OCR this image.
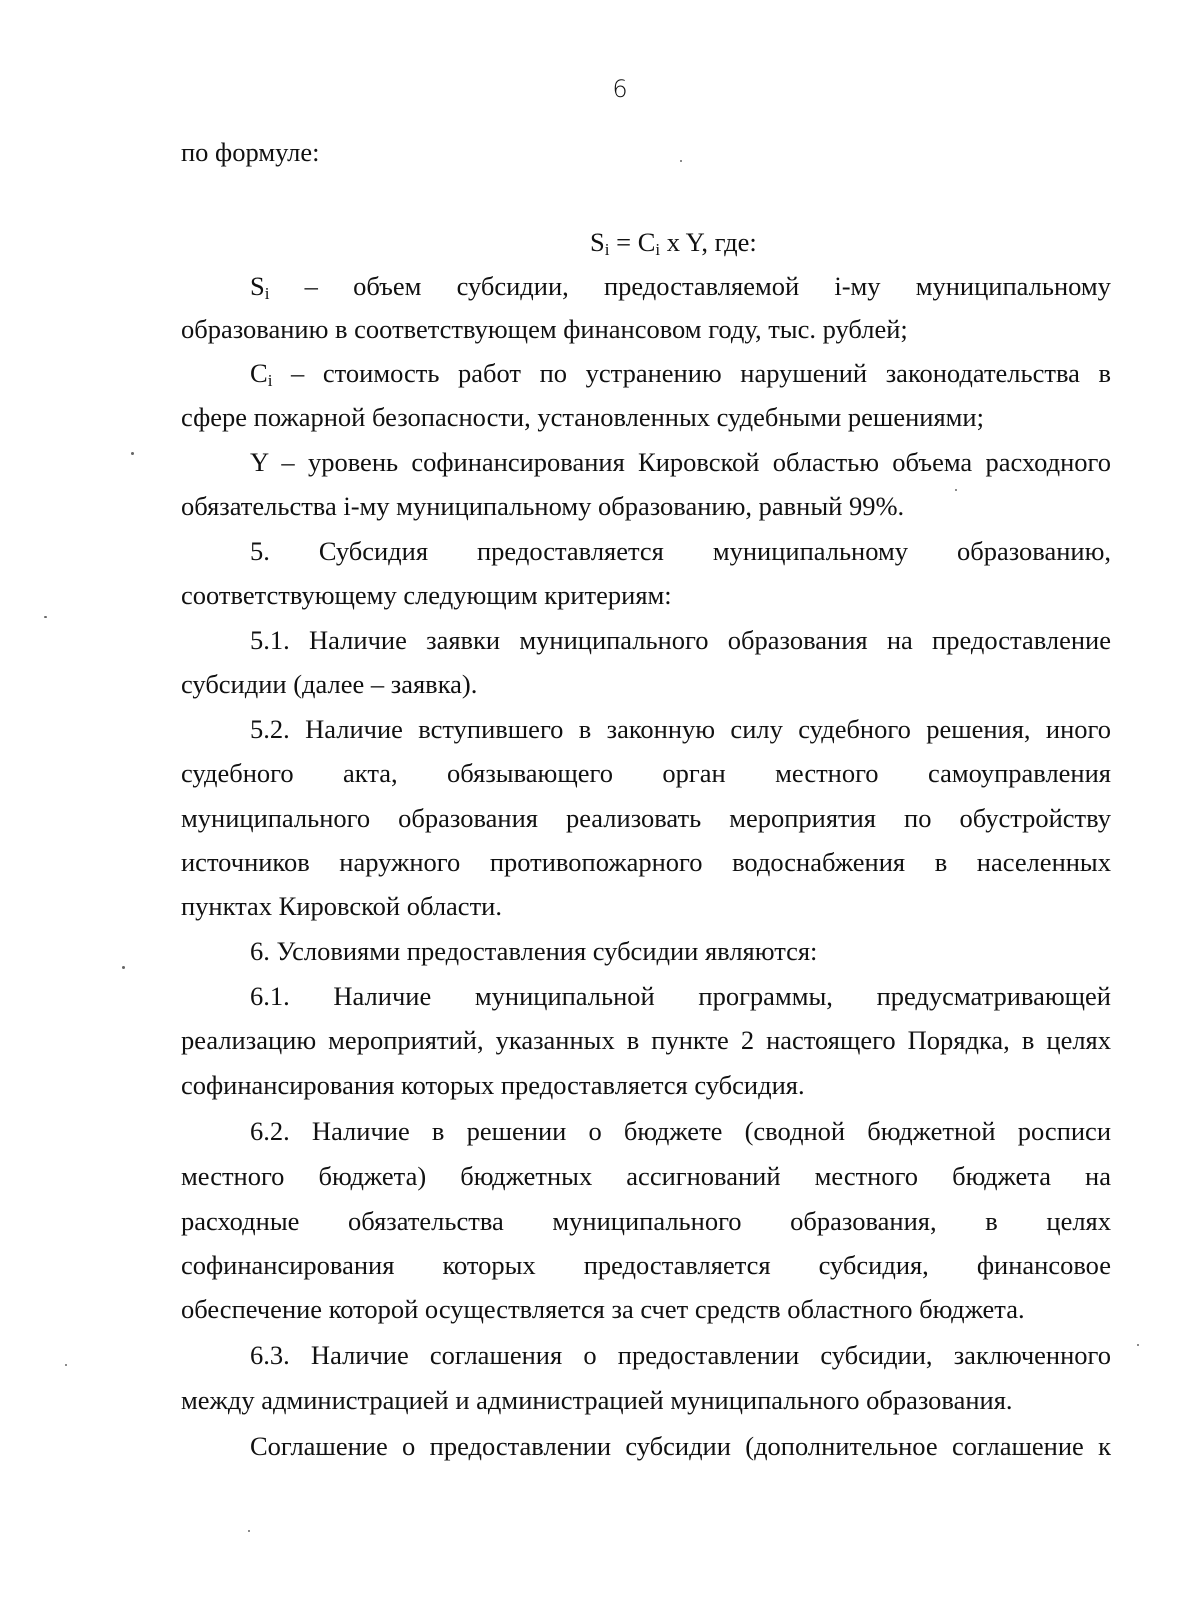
6
по формуле:
$S_i = C_i$ x Y, где:
$S_i$ – объем субсидии, предоставляемой i-му муниципальному
образованию в соответствующем финансовом году, тыс. рублей;
$C_i$ – стоимость работ по устранению нарушений законодательства в
сфере пожарной безопасности, установленных судебными решениями;
Y – уровень софинансирования Кировской областью объема расходного
обязательства i-му муниципальному образованию, равный 99%.
5. Субсидия предоставляется муниципальному образованию,
соответствующему следующим критериям:
5.1. Наличие заявки муниципального образования на предоставление
субсидии (далее – заявка).
5.2. Наличие вступившего в законную силу судебного решения, иного
судебного акта, обязывающего орган местного самоуправления
муниципального образования реализовать мероприятия по обустройству
источников наружного противопожарного водоснабжения в населенных
пунктах Кировской области.
6. Условиями предоставления субсидии являются:
6.1. Наличие муниципальной программы, предусматривающей
реализацию мероприятий, указанных в пункте 2 настоящего Порядка, в целях
софинансирования которых предоставляется субсидия.
6.2. Наличие в решении о бюджете (сводной бюджетной росписи
местного бюджета) бюджетных ассигнований местного бюджета на
расходные обязательства муниципального образования, в целях
софинансирования которых предоставляется субсидия, финансовое
обеспечение которой осуществляется за счет средств областного бюджета.
6.3. Наличие соглашения о предоставлении субсидии, заключенного
между администрацией и администрацией муниципального образования.
Соглашение о предоставлении субсидии (дополнительное соглашение к
